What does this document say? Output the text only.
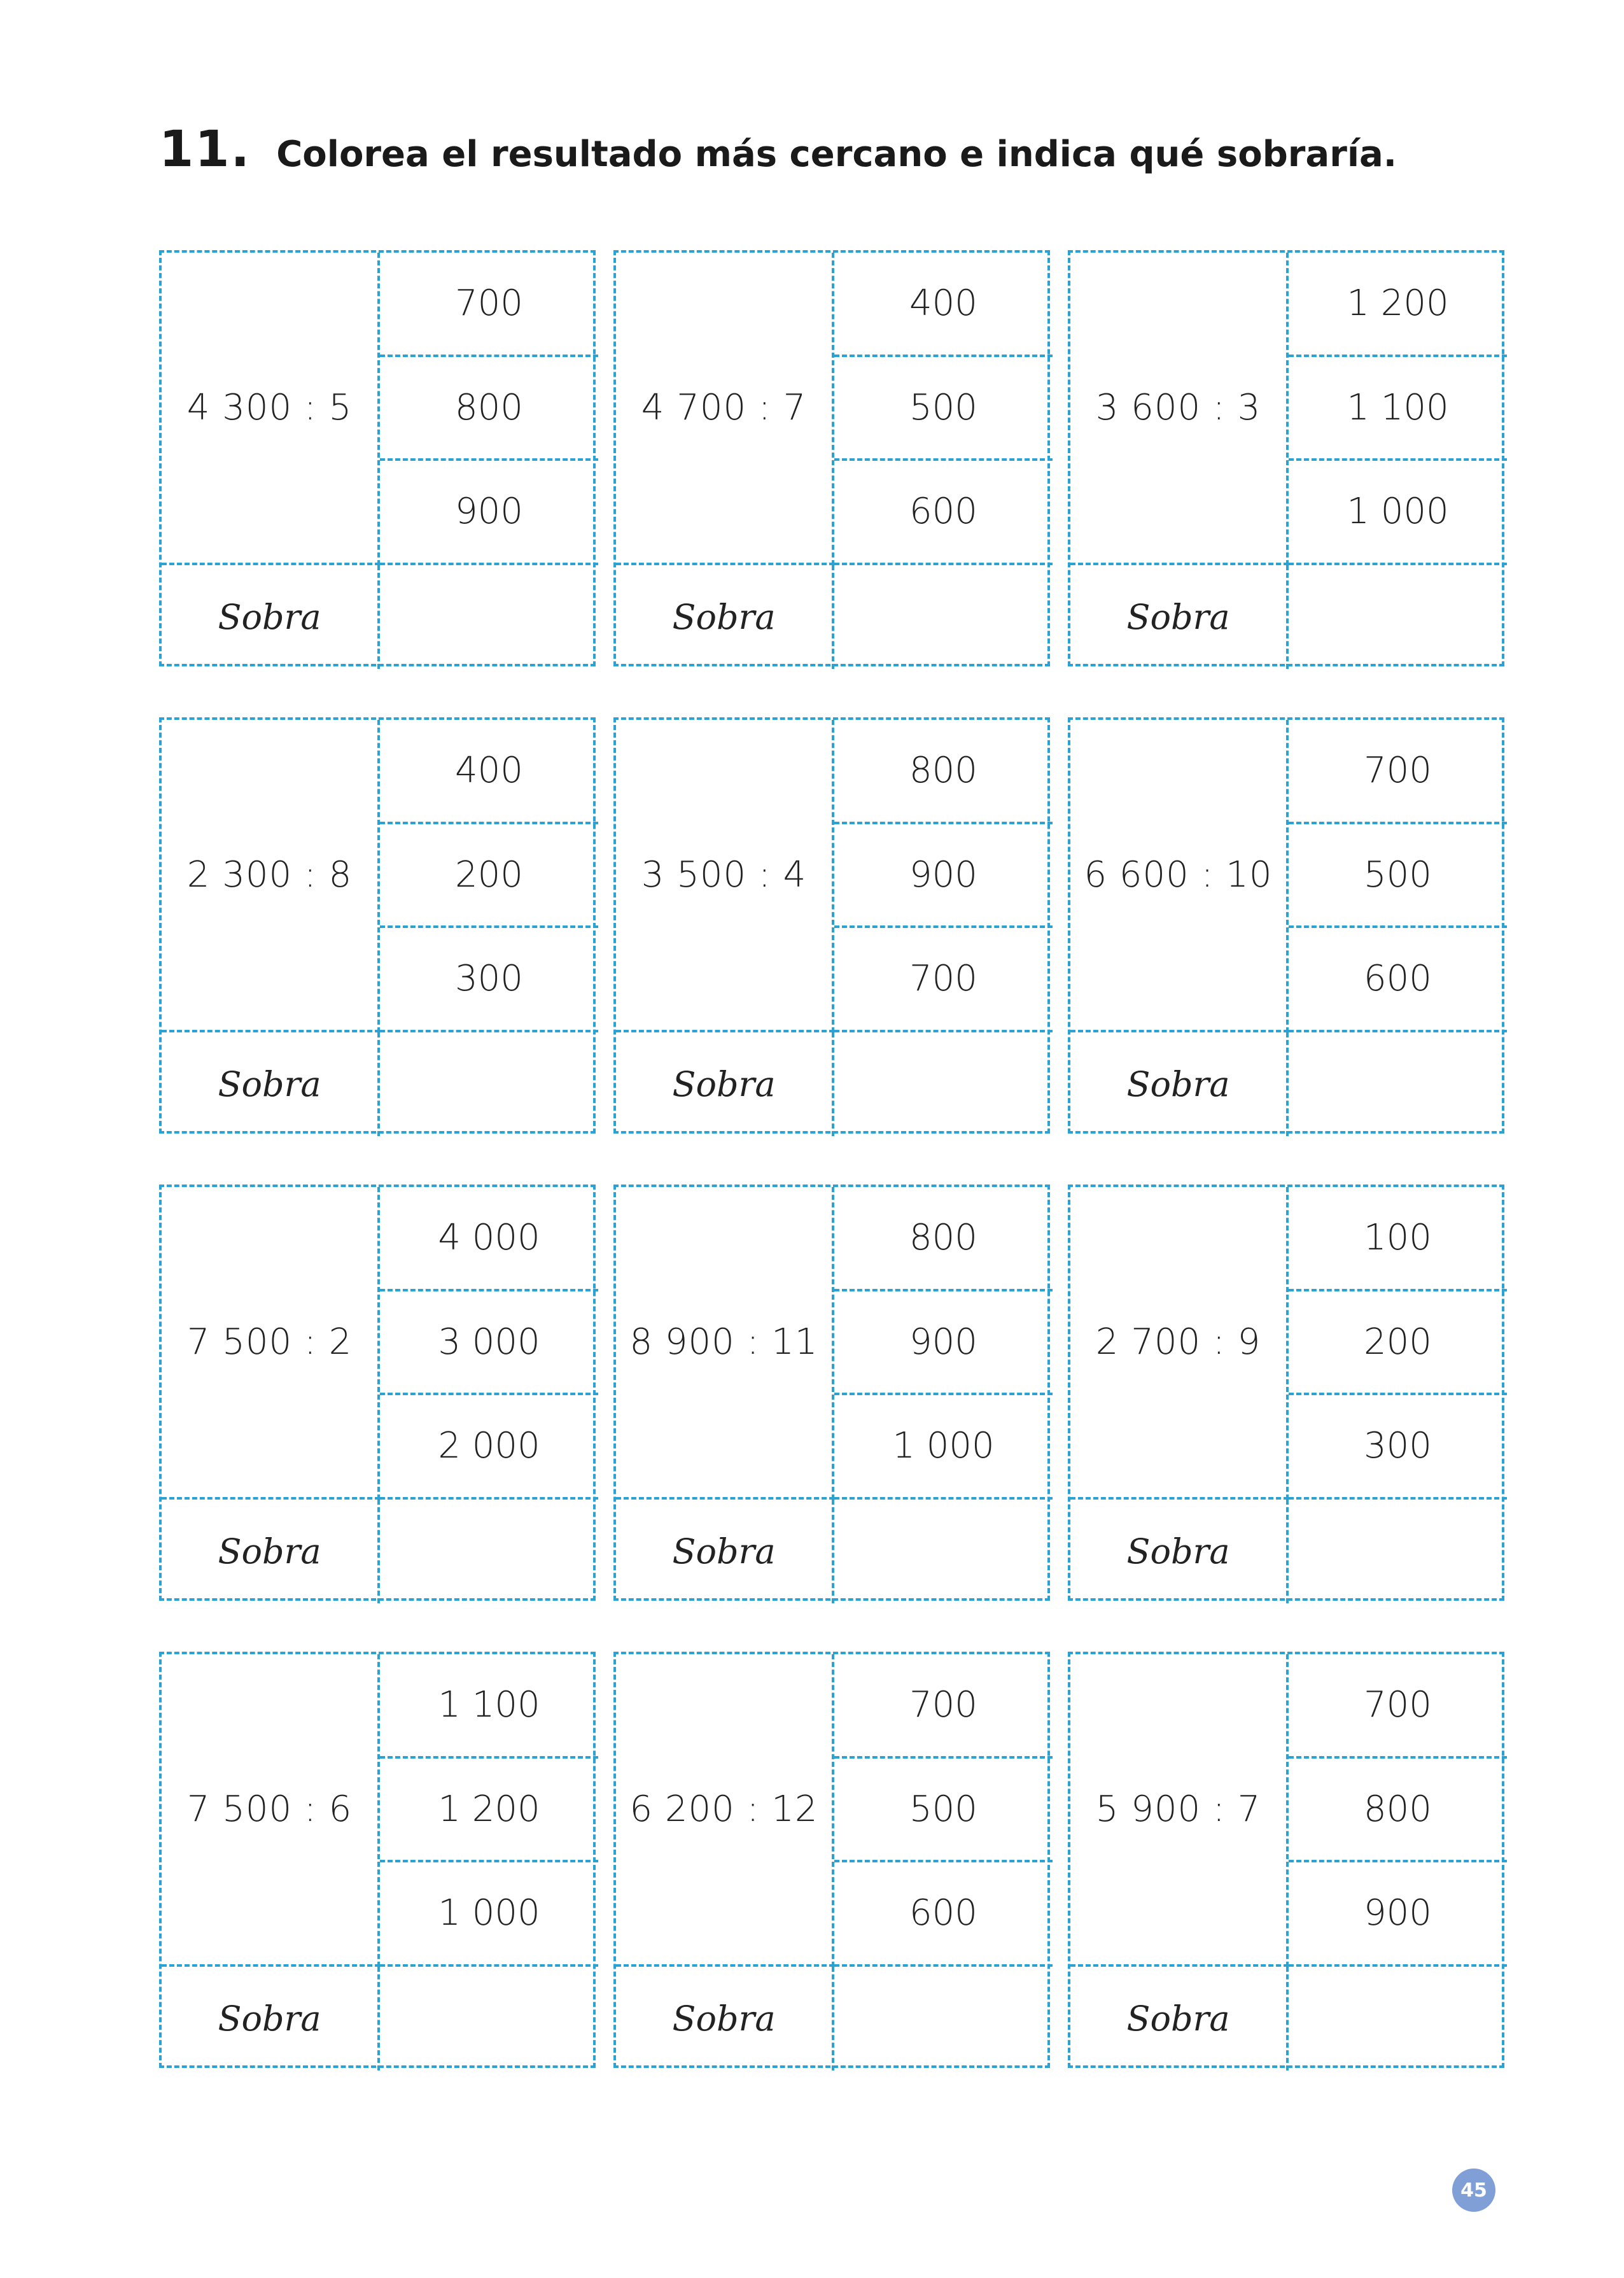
11. Colorea el resultado más cercano e indica qué sobraría.
4 300 : 5
700
800
900
Sobra
4 700 : 7
400
500
600
Sobra
3 600 : 3
1 200
1 100
1 000
Sobra
2 300 : 8
400
200
300
Sobra
3 500 : 4
800
900
700
Sobra
6 600 : 10
700
500
600
Sobra
7 500 : 2
4 000
3 000
2 000
Sobra
8 900 : 11
800
900
1 000
Sobra
2 700 : 9
100
200
300
Sobra
7 500 : 6
1 100
1 200
1 000
Sobra
6 200 : 12
700
500
600
Sobra
5 900 : 7
700
800
900
Sobra
45
